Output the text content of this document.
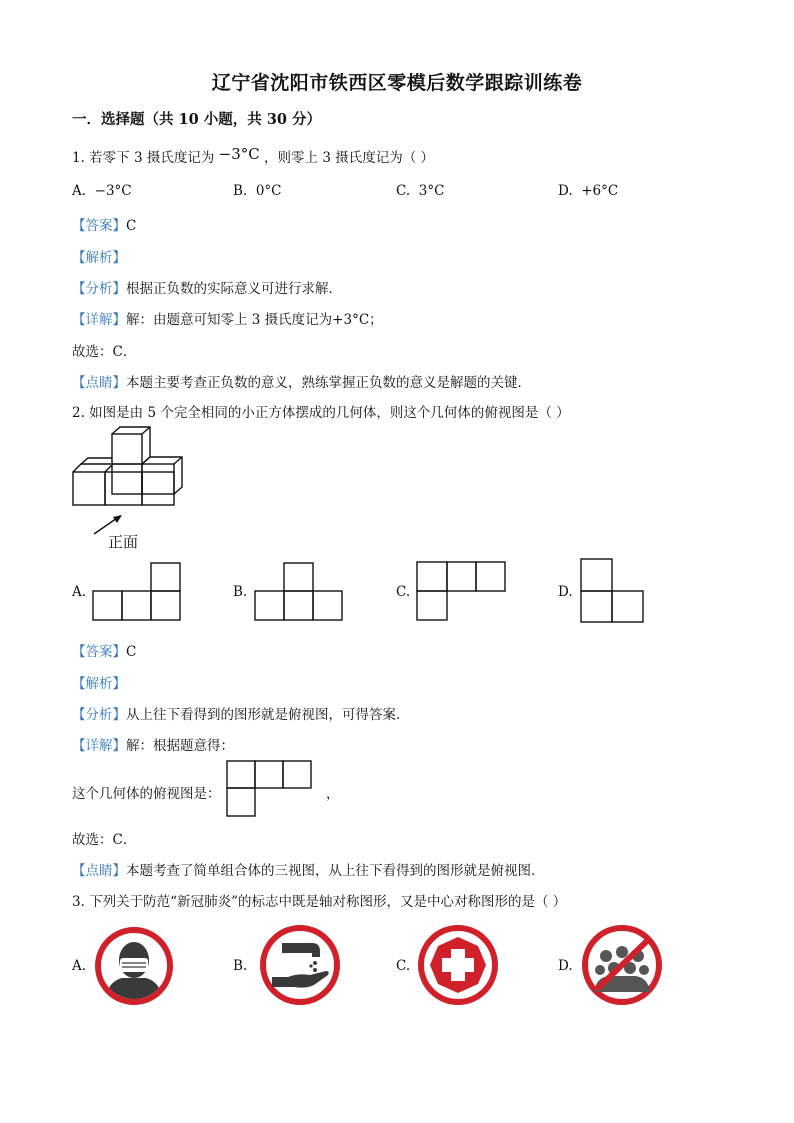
辽宁省沈阳市铁西区零模后数学跟踪训练卷
一．选择题（共 10 小题，共 30 分）
1. 若零下 3 摄氏度记为 −3°C ，则零上 3 摄氏度记为（ ）
A. −3°C	B. 0°C	C. 3°C	D. +6°C
【答案】C
【解析】
【分析】根据正负数的实际意义可进行求解．
【详解】解：由题意可知零上 3 摄氏度记为+3°C；
故选：C．
【点睛】本题主要考查正负数的意义，熟练掌握正负数的意义是解题的关键．
2. 如图是由 5 个完全相同的小正方体摆成的几何体，则这个几何体的俯视图是（ ）
正面
A.	B.	C.	D.
【答案】C
【解析】
【分析】从上往下看得到的图形就是俯视图，可得答案．
【详解】解：根据题意得：
这个几何体的俯视图是：	，
故选：C．
【点睛】本题考查了简单组合体的三视图，从上往下看得到的图形就是俯视图．
3. 下列关于防范“新冠肺炎”的标志中既是轴对称图形，又是中心对称图形的是（ ）
A.	B.	C.	D.
